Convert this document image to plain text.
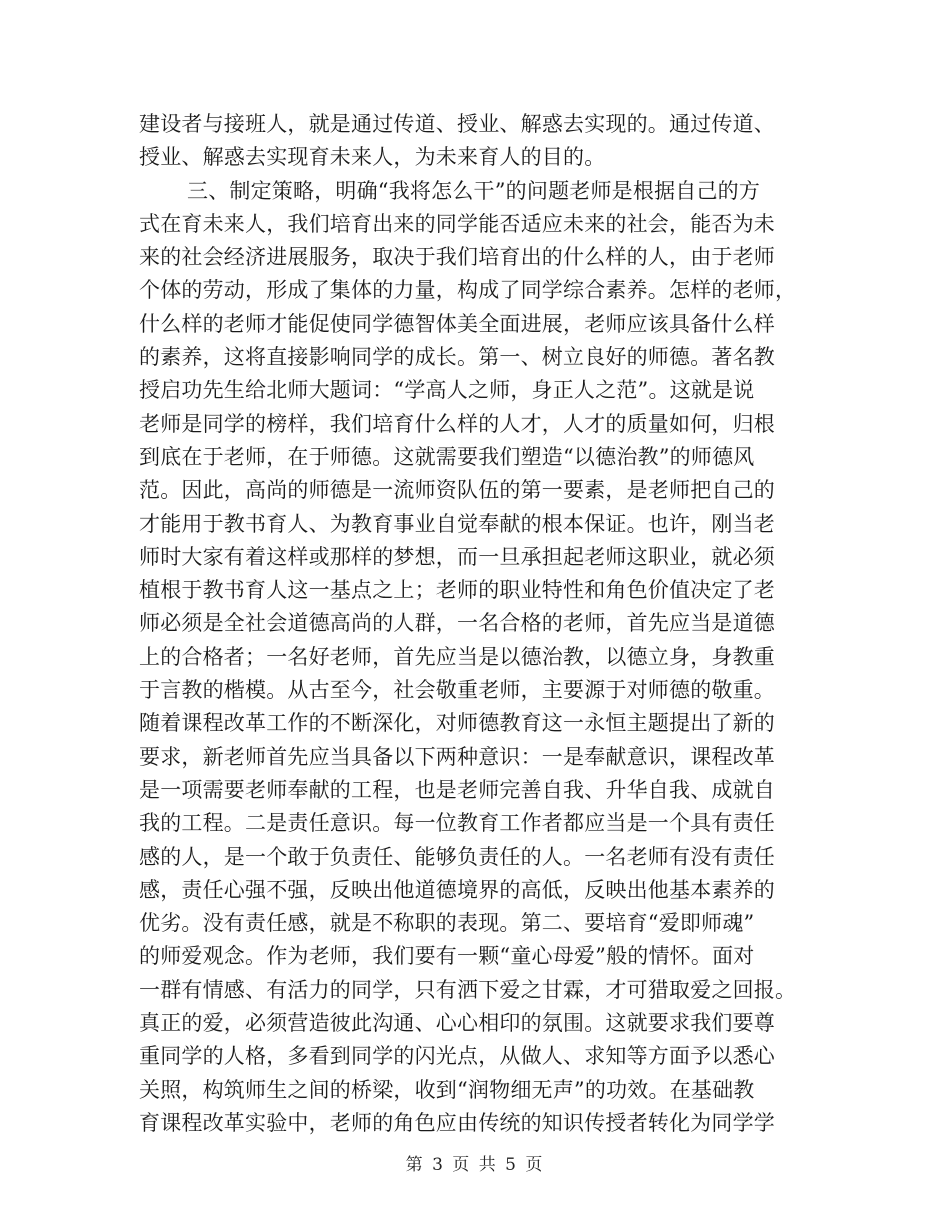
建设者与接班人，就是通过传道、授业、解惑去实现的。通过传道、
授业、解惑去实现育未来人，为未来育人的目的。
三、制定策略，明确“我将怎么干”的问题老师是根据自己的方
式在育未来人，我们培育出来的同学能否适应未来的社会，能否为未
来的社会经济进展服务，取决于我们培育出的什么样的人，由于老师
个体的劳动，形成了集体的力量，构成了同学综合素养。怎样的老师，
什么样的老师才能促使同学德智体美全面进展，老师应该具备什么样
的素养，这将直接影响同学的成长。第一、树立良好的师德。著名教
授启功先生给北师大题词：“学高人之师，身正人之范”。这就是说
老师是同学的榜样，我们培育什么样的人才，人才的质量如何，归根
到底在于老师，在于师德。这就需要我们塑造“以德治教”的师德风
范。因此，高尚的师德是一流师资队伍的第一要素，是老师把自己的
才能用于教书育人、为教育事业自觉奉献的根本保证。也许，刚当老
师时大家有着这样或那样的梦想，而一旦承担起老师这职业，就必须
植根于教书育人这一基点之上；老师的职业特性和角色价值决定了老
师必须是全社会道德高尚的人群，一名合格的老师，首先应当是道德
上的合格者；一名好老师，首先应当是以德治教，以德立身，身教重
于言教的楷模。从古至今，社会敬重老师，主要源于对师德的敬重。
随着课程改革工作的不断深化，对师德教育这一永恒主题提出了新的
要求，新老师首先应当具备以下两种意识：一是奉献意识，课程改革
是一项需要老师奉献的工程，也是老师完善自我、升华自我、成就自
我的工程。二是责任意识。每一位教育工作者都应当是一个具有责任
感的人，是一个敢于负责任、能够负责任的人。一名老师有没有责任
感，责任心强不强，反映出他道德境界的高低，反映出他基本素养的
优劣。没有责任感，就是不称职的表现。第二、要培育“爱即师魂”
的师爱观念。作为老师，我们要有一颗“童心母爱”般的情怀。面对
一群有情感、有活力的同学，只有洒下爱之甘霖，才可猎取爱之回报。
真正的爱，必须营造彼此沟通、心心相印的氛围。这就要求我们要尊
重同学的人格，多看到同学的闪光点，从做人、求知等方面予以悉心
关照，构筑师生之间的桥梁，收到“润物细无声”的功效。在基础教
育课程改革实验中，老师的角色应由传统的知识传授者转化为同学学
第 3 页 共 5 页
